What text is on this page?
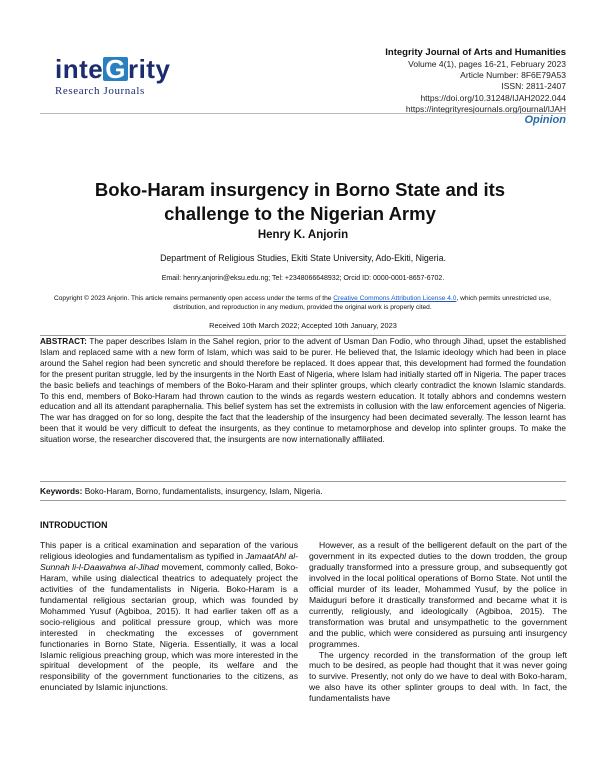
inteGrity
Research Journals
Integrity Journal of Arts and Humanities
Volume 4(1), pages 16-21, February 2023
Article Number: 8F6E79A53
ISSN: 2811-2407
https://doi.org/10.31248/IJAH2022.044
https://integrityresjournals.org/journal/IJAH
Opinion
Boko-Haram insurgency in Borno State and its challenge to the Nigerian Army
Henry K. Anjorin
Department of Religious Studies, Ekiti State University, Ado-Ekiti, Nigeria.
Email: henry.anjorin@eksu.edu.ng; Tel: +2348066648932; Orcid ID: 0000-0001-8657-6702.
Copyright © 2023 Anjorin. This article remains permanently open access under the terms of the Creative Commons Attribution License 4.0, which permits unrestricted use, distribution, and reproduction in any medium, provided the original work is properly cited.
Received 10th March 2022; Accepted 10th January, 2023
ABSTRACT: The paper describes Islam in the Sahel region, prior to the advent of Usman Dan Fodio, who through Jihad, upset the established Islam and replaced same with a new form of Islam, which was said to be purer. He believed that, the Islamic ideology which had been in place around the Sahel region had been syncretic and should therefore be replaced. It does appear that, this development had formed the foundation for the present puritan struggle, led by the insurgents in the North East of Nigeria, where Islam had initially started off in Nigeria. The paper traces the basic beliefs and teachings of members of the Boko-Haram and their splinter groups, which clearly contradict the known Islamic standards. To this end, members of Boko-Haram had thrown caution to the winds as regards western education. It totally abhors and condemns western education and all its attendant paraphernalia. This belief system has set the extremists in collusion with the law enforcement agencies of Nigeria. The war has dragged on for so long, despite the fact that the leadership of the insurgency had been decimated severally. The lesson learnt has been that it would be very difficult to defeat the insurgents, as they continue to metamorphose and develop into splinter groups. To make the situation worse, the researcher discovered that, the insurgents are now internationally affiliated.
Keywords: Boko-Haram, Borno, fundamentalists, insurgency, Islam, Nigeria.
INTRODUCTION

This paper is a critical examination and separation of the various religious ideologies and fundamentalism as typified in JamaatAhl al-Sunnah li-l-Daawahwa al-Jihad movement, commonly called, Boko-Haram, while using dialectical theatrics to adequately project the activities of the fundamentalists in Nigeria. Boko-Haram is a fundamental religious sectarian group, which was founded by Mohammed Yusuf (Agbiboa, 2015). It had earlier taken off as a socio-religious and political pressure group, which was more interested in checkmating the excesses of government functionaries in Borno State, Nigeria. Essentially, it was a local Islamic religious preaching group, which was more interested in the spiritual development of the people, its welfare and the responsibility of the government functionaries to the citizens, as enunciated by Islamic injunctions.

However, as a result of the belligerent default on the part of the government in its expected duties to the down trodden, the group gradually transformed into a pressure group, and subsequently got involved in the local political operations of Borno State. Not until the official murder of its leader, Mohammed Yusuf, by the police in Maiduguri before it drastically transformed and became what it is currently, religiously, and ideologically (Agbiboa, 2015). The transformation was brutal and unsympathetic to the government and the public, which were considered as pursuing anti insurgency programmes.

The urgency recorded in the transformation of the group left much to be desired, as people had thought that it was never going to survive. Presently, not only do we have to deal with Boko-haram, we also have its other splinter groups to deal with. In fact, the fundamentalists have
